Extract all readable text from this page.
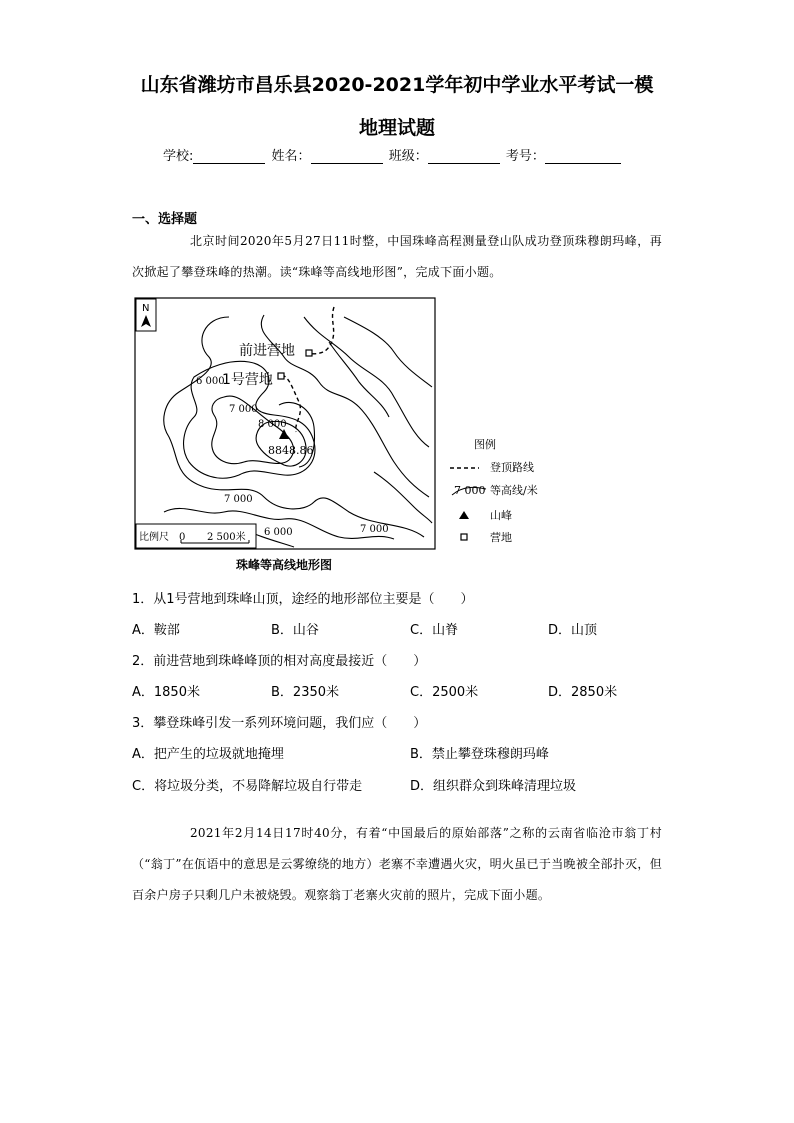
山东省潍坊市昌乐县2020-2021学年初中学业水平考试一模
地理试题
学校:	姓名：	班级：	考号：
一、选择题
北京时间2020年5月27日11时整，中国珠峰高程测量登山队成功登顶珠穆朗玛峰，再次掀起了攀登珠峰的热潮。读“珠峰等高线地形图”，完成下面小题。
N
前进营地
1号营地
8848.86
6 000
7 000
8 000
7 000
6 000
7 000
比例尺 0 2 500米
图例
登顶路线
7 000 等高线/米
山峰
营地
珠峰等高线地形图
1．从1号营地到珠峰山顶，途经的地形部位主要是（　　）
A．鞍部	B．山谷	C．山脊	D．山顶
2．前进营地到珠峰峰顶的相对高度最接近（　　）
A．1850米	B．2350米	C．2500米	D．2850米
3．攀登珠峰引发一系列环境问题，我们应（　　）
A．把产生的垃圾就地掩埋	B．禁止攀登珠穆朗玛峰
C．将垃圾分类，不易降解垃圾自行带走	D．组织群众到珠峰清理垃圾
2021年2月14日17时40分，有着“中国最后的原始部落”之称的云南省临沧市翁丁村（“翁丁”在佤语中的意思是云雾缭绕的地方）老寨不幸遭遇火灾，明火虽已于当晚被全部扑灭，但百余户房子只剩几户未被烧毁。观察翁丁老寨火灾前的照片，完成下面小题。
